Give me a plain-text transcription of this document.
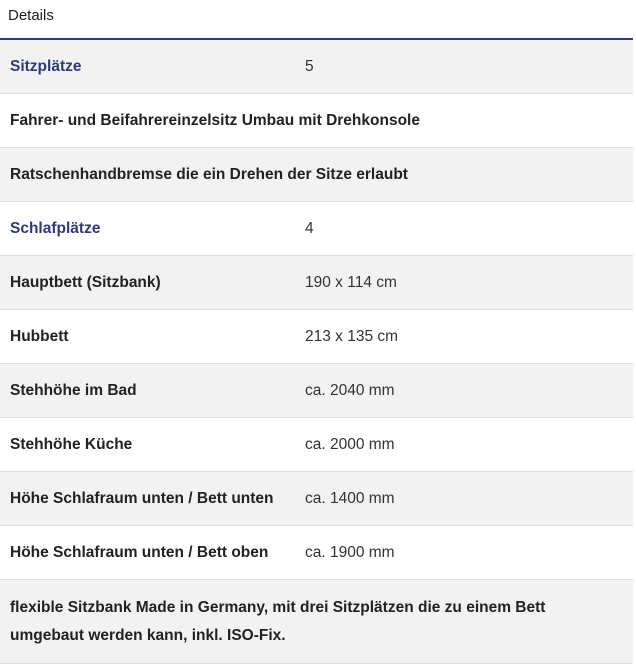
Details
Sitzplätze	5
Fahrer- und Beifahrereinzelsitz Umbau mit Drehkonsole
Ratschenhandbremse die ein Drehen der Sitze erlaubt
Schlafplätze	4
Hauptbett (Sitzbank)	190 x 114 cm
Hubbett	213 x 135 cm
Stehhöhe im Bad	ca. 2040 mm
Stehhöhe Küche	ca. 2000 mm
Höhe Schlafraum unten / Bett unten	ca. 1400 mm
Höhe Schlafraum unten / Bett oben	ca. 1900 mm
flexible Sitzbank Made in Germany, mit drei Sitzplätzen die zu einem Bett umgebaut werden kann, inkl. ISO-Fix.
